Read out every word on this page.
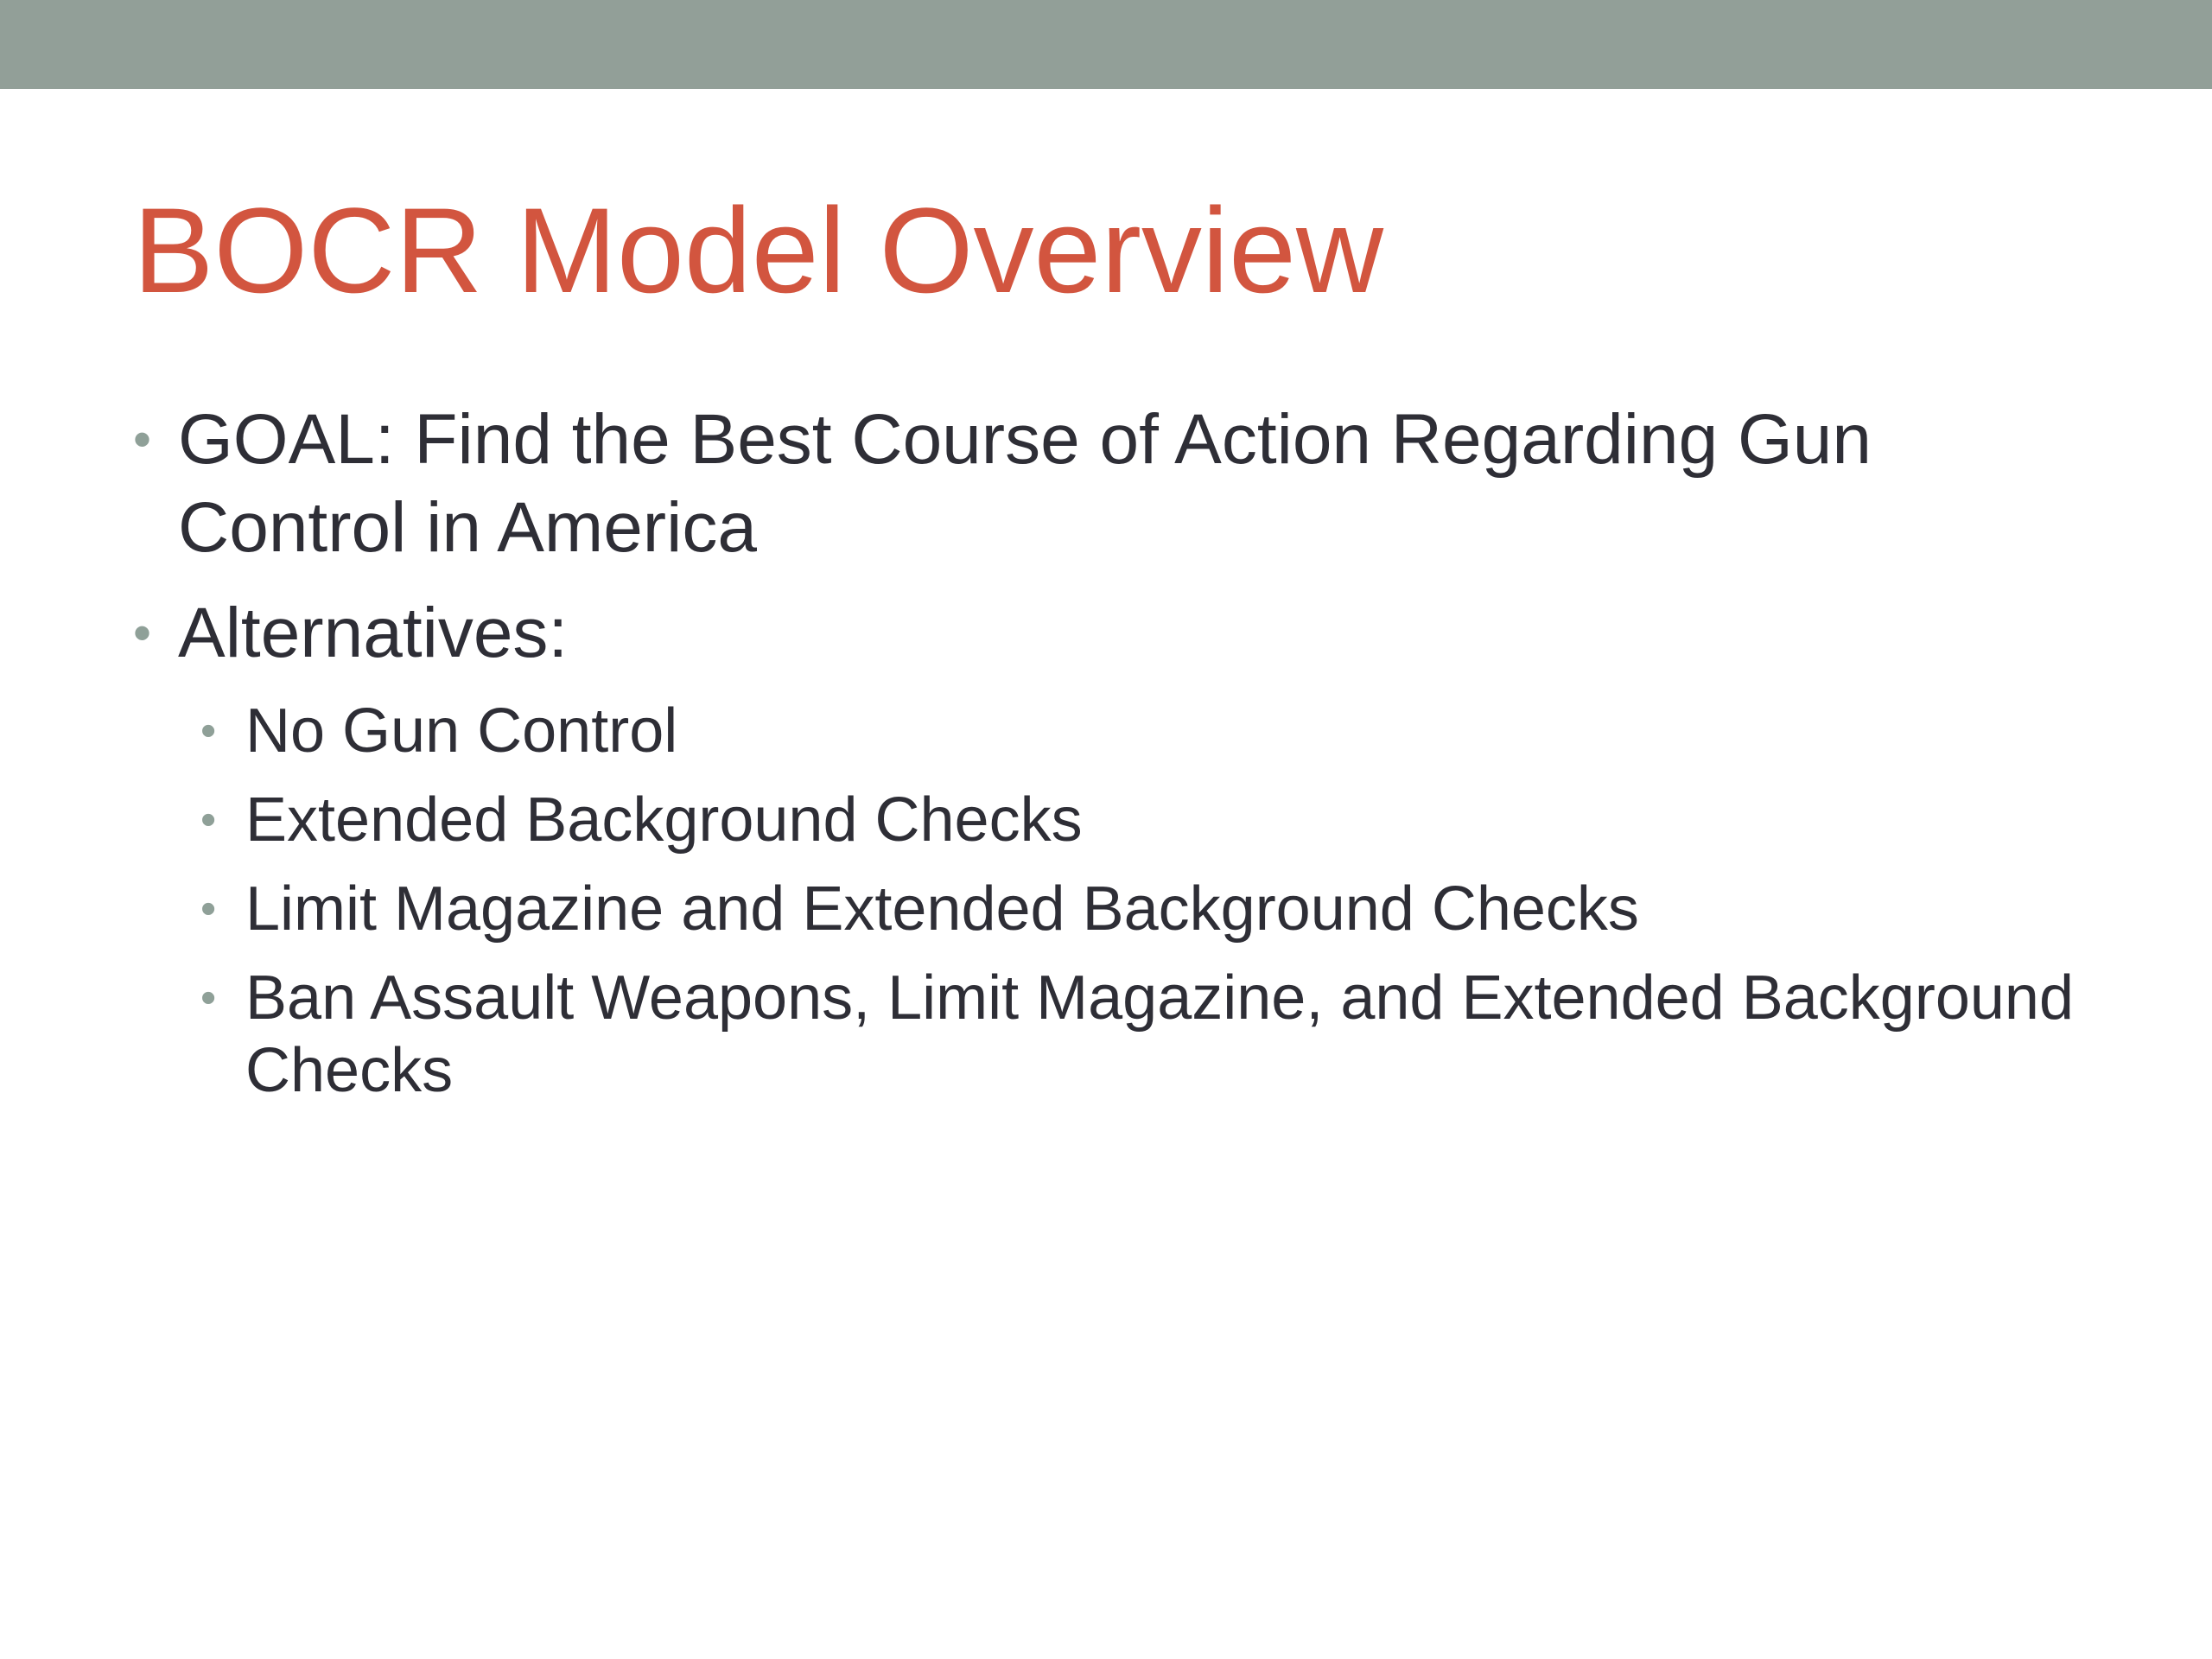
BOCR Model Overview
• GOAL: Find the Best Course of Action Regarding Gun Control in America
• Alternatives:
• No Gun Control
• Extended Background Checks
• Limit Magazine and Extended Background Checks
• Ban Assault Weapons, Limit Magazine, and Extended Background Checks
